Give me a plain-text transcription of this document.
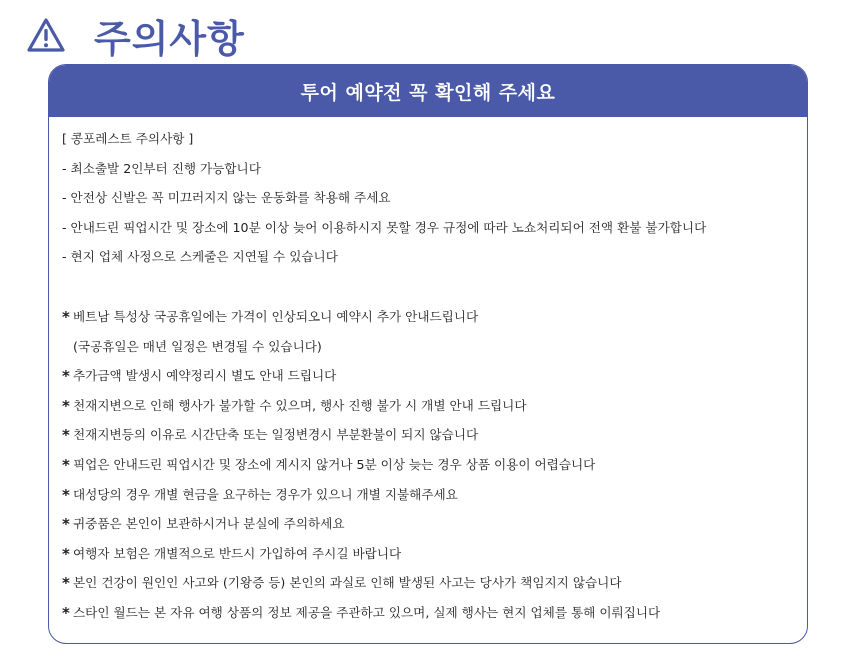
주의사항
투어 예약전 꼭 확인해 주세요
[ 콩포레스트 주의사항 ]
- 최소출발 2인부터 진행 가능합니다
- 안전상 신발은 꼭 미끄러지지 않는 운동화를 착용해 주세요
- 안내드린 픽업시간 및 장소에 10분 이상 늦어 이용하시지 못할 경우 규정에 따라 노쇼처리되어 전액 환불 불가합니다
- 현지 업체 사정으로 스케줄은 지연될 수 있습니다
* 베트남 특성상 국공휴일에는 가격이 인상되오니 예약시 추가 안내드립니다
(국공휴일은 매년 일정은 변경될 수 있습니다)
* 추가금액 발생시 예약정리시 별도 안내 드립니다
* 천재지변으로 인해 행사가 불가할 수 있으며, 행사 진행 불가 시 개별 안내 드립니다
* 천재지변등의 이유로 시간단축 또는 일정변경시 부분환불이 되지 않습니다
* 픽업은 안내드린 픽업시간 및 장소에 계시지 않거나 5분 이상 늦는 경우 상품 이용이 어렵습니다
* 대성당의 경우 개별 현금을 요구하는 경우가 있으니 개별 지불해주세요
* 귀중품은 본인이 보관하시거나 분실에 주의하세요
* 여행자 보험은 개별적으로 반드시 가입하여 주시길 바랍니다
* 본인 건강이 원인인 사고와 (기왕증 등) 본인의 과실로 인해 발생된 사고는 당사가 책임지지 않습니다
* 스타인 월드는 본 자유 여행 상품의 정보 제공을 주관하고 있으며, 실제 행사는 현지 업체를 통해 이뤄집니다
